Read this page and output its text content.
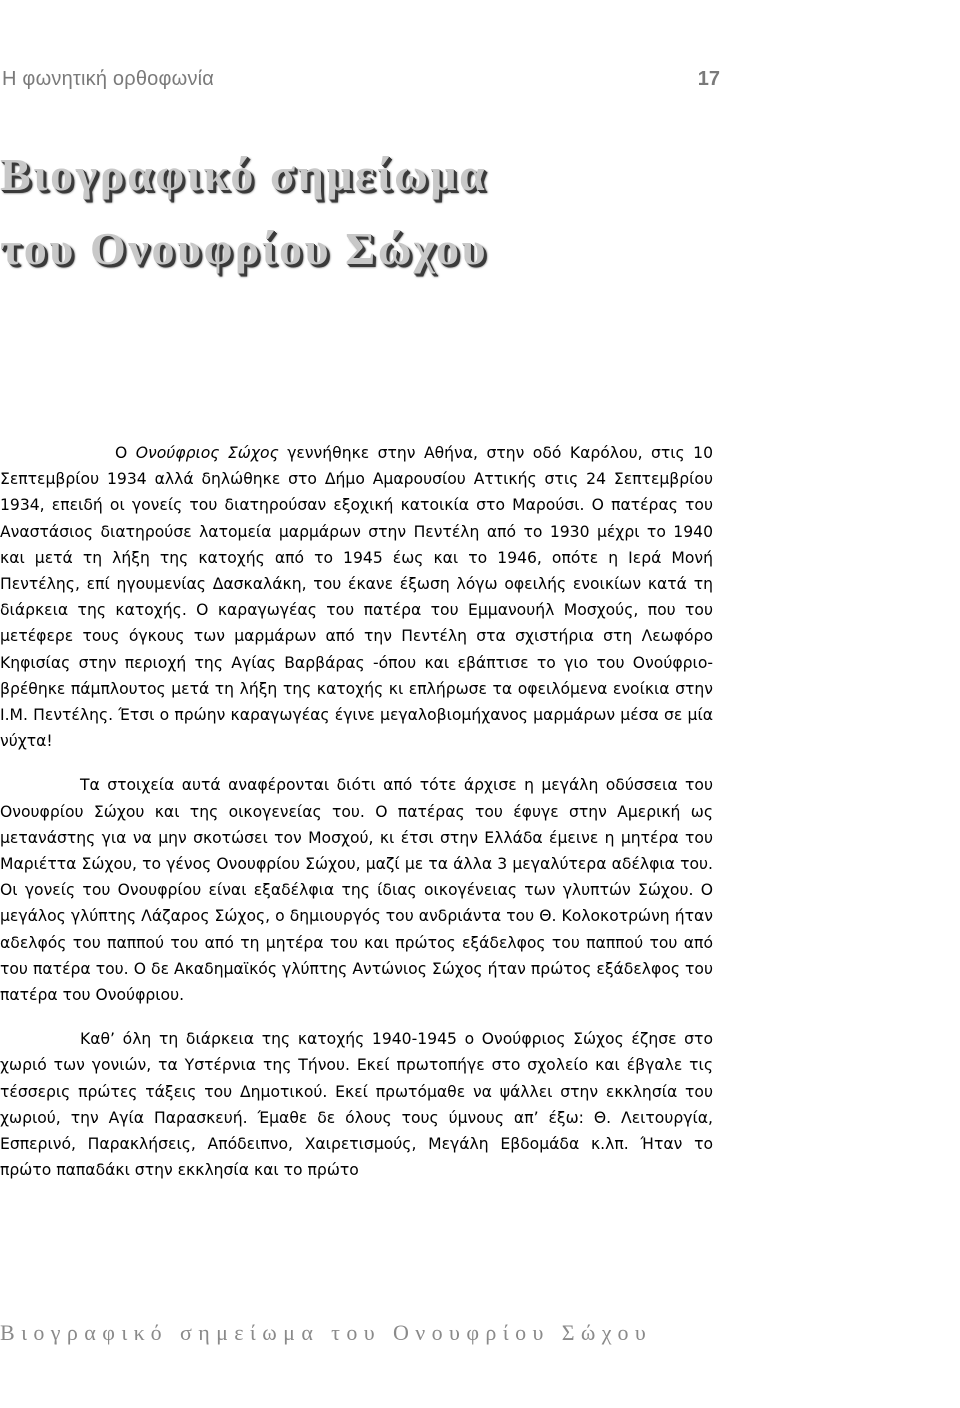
Η φωνητική ορθοφωνία	17
Βιογραφικό σημείωμα
του Ονουφρίου Σώχου

Ο Ονούφριος Σώχος γεννήθηκε στην Αθήνα, στην οδό Καρόλου, στις 10 Σεπτεμβρίου 1934 αλλά δηλώθηκε στο Δήμο Αμαρουσίου Αττικής στις 24 Σεπτεμβρίου 1934, επειδή οι γονείς του διατηρούσαν εξοχική κατοικία στο Μαρούσι. Ο πατέρας του Αναστάσιος διατηρούσε λατομεία μαρμάρων στην Πεντέλη από το 1930 μέχρι το 1940 και μετά τη λήξη της κατοχής από το 1945 έως και το 1946, οπότε η Ιερά Μονή Πεντέλης, επί ηγουμενίας Δασκαλάκη, του έκανε έξωση λόγω οφειλής ενοικίων κατά τη διάρκεια της κατοχής. Ο καραγωγέας του πατέρα του Εμμανουήλ Μοσχούς, που του μετέφερε τους όγκους των μαρμάρων από την Πεντέλη στα σχιστήρια στη Λεωφόρο Κηφισίας στην περιοχή της Αγίας Βαρβάρας -όπου και εβάπτισε το γιο του Ονούφριο- βρέθηκε πάμπλουτος μετά τη λήξη της κατοχής κι επλήρωσε τα οφειλόμενα ενοίκια στην Ι.Μ. Πεντέλης. Έτσι ο πρώην καραγωγέας έγινε μεγαλοβιομήχανος μαρμάρων μέσα σε μία νύχτα!

Τα στοιχεία αυτά αναφέρονται διότι από τότε άρχισε η μεγάλη οδύσσεια του Ονουφρίου Σώχου και της οικογενείας του. Ο πατέρας του έφυγε στην Αμερική ως μετανάστης για να μην σκοτώσει τον Μοσχού, κι έτσι στην Ελλάδα έμεινε η μητέρα του Μαριέττα Σώχου, το γένος Ονουφρίου Σώχου, μαζί με τα άλλα 3 μεγαλύτερα αδέλφια του. Οι γονείς του Ονουφρίου είναι εξαδέλφια της ίδιας οικογένειας των γλυπτών Σώχου. Ο μεγάλος γλύπτης Λάζαρος Σώχος, ο δημιουργός του ανδριάντα του Θ. Κολοκοτρώνη ήταν αδελφός του παππού του από τη μητέρα του και πρώτος εξάδελφος του παππού του από του πατέρα του. Ο δε Ακαδημαϊκός γλύπτης Αντώνιος Σώχος ήταν πρώτος εξάδελφος του πατέρα του Ονούφριου.

Καθ’ όλη τη διάρκεια της κατοχής 1940-1945 ο Ονούφριος Σώχος έζησε στο χωριό των γονιών, τα Υστέρνια της Τήνου. Εκεί πρωτοπήγε στο σχολείο και έβγαλε τις τέσσερις πρώτες τάξεις του Δημοτικού. Εκεί πρωτόμαθε να ψάλλει στην εκκλησία του χωριού, την Αγία Παρασκευή. Έμαθε δε όλους τους ύμνους απ’ έξω: Θ. Λειτουργία, Εσπερινό, Παρακλήσεις, Απόδειπνο, Χαιρετισμούς, Μεγάλη Εβδομάδα κ.λπ. Ήταν το πρώτο παπαδάκι στην εκκλησία και το πρώτο

Βιογραφικό σημείωμα του Ονουφρίου Σώχου
